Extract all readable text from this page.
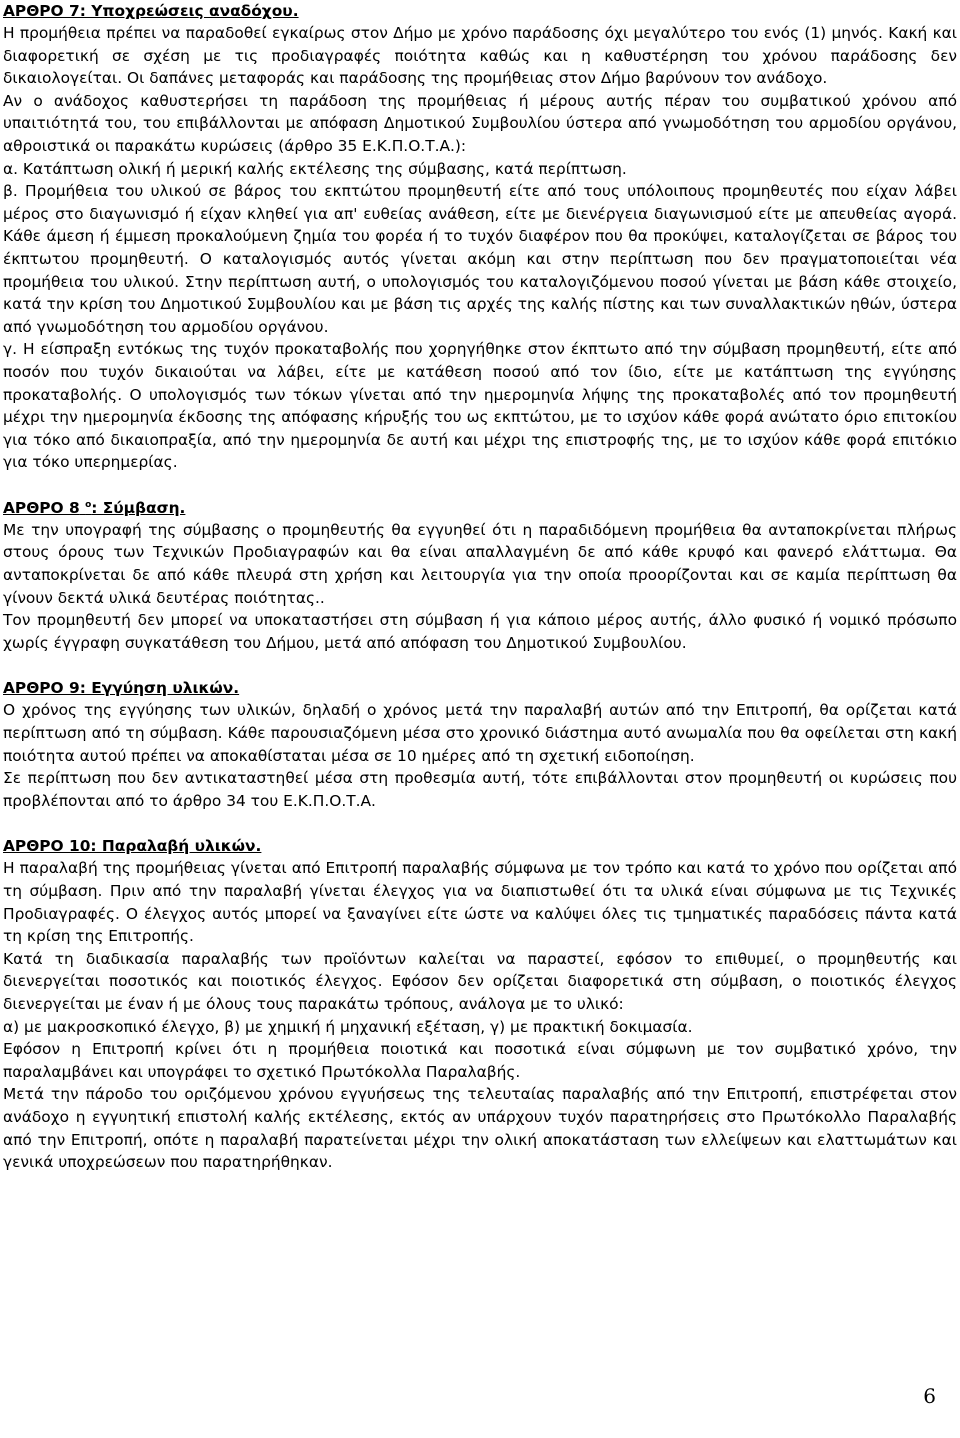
ΑΡΘΡΟ 7: Υποχρεώσεις αναδόχου.

Η προμήθεια πρέπει να παραδοθεί εγκαίρως στον Δήμο με χρόνο παράδοσης όχι μεγαλύτερο του ενός (1) μηνός. Κακή και διαφορετική σε σχέση με τις προδιαγραφές ποιότητα καθώς και η καθυστέρηση του χρόνου παράδοσης δεν δικαιολογείται. Οι δαπάνες μεταφοράς και παράδοσης της προμήθειας στον Δήμο βαρύνουν τον ανάδοχο.

Αν ο ανάδοχος καθυστερήσει τη παράδοση της προμήθειας ή μέρους αυτής πέραν του συμβατικού χρόνου από υπαιτιότητά του, του επιβάλλονται με απόφαση Δημοτικού Συμβουλίου ύστερα από γνωμοδότηση του αρμοδίου οργάνου, αθροιστικά οι παρακάτω κυρώσεις (άρθρο 35 Ε.Κ.Π.Ο.Τ.Α.):

α. Κατάπτωση ολική ή μερική καλής εκτέλεσης της σύμβασης, κατά περίπτωση.

β. Προμήθεια του υλικού σε βάρος του εκπτώτου προμηθευτή είτε από τους υπόλοιπους προμηθευτές που είχαν λάβει μέρος στο διαγωνισμό ή είχαν κληθεί για απ' ευθείας ανάθεση, είτε με διενέργεια διαγωνισμού είτε με απευθείας αγορά. Κάθε άμεση ή έμμεση προκαλούμενη ζημία του φορέα ή το τυχόν διαφέρον που θα προκύψει, καταλογίζεται σε βάρος του έκπτωτου προμηθευτή. Ο καταλογισμός αυτός γίνεται ακόμη και στην περίπτωση που δεν πραγματοποιείται νέα προμήθεια του υλικού. Στην περίπτωση αυτή, ο υπολογισμός του καταλογιζόμενου ποσού γίνεται με βάση κάθε στοιχείο, κατά την κρίση του Δημοτικού Συμβουλίου και με βάση τις αρχές της καλής πίστης και των συναλλακτικών ηθών, ύστερα από γνωμοδότηση του αρμοδίου οργάνου.

γ. Η είσπραξη εντόκως της τυχόν προκαταβολής που χορηγήθηκε στον έκπτωτο από την σύμβαση προμηθευτή, είτε από ποσόν που τυχόν δικαιούται να λάβει, είτε με κατάθεση ποσού από τον ίδιο, είτε με κατάπτωση της εγγύησης προκαταβολής. Ο υπολογισμός των τόκων γίνεται από την ημερομηνία λήψης της προκαταβολές από τον προμηθευτή μέχρι την ημερομηνία έκδοσης της απόφασης κήρυξής του ως εκπτώτου, με το ισχύον κάθε φορά ανώτατο όριο επιτοκίου για τόκο από δικαιοπραξία, από την ημερομηνία δε αυτή και μέχρι της επιστροφής της, με το ισχύον κάθε φορά επιτόκιο για τόκο υπερημερίας.

ΑΡΘΡΟ 8 $^o$: Σύμβαση.

Με την υπογραφή της σύμβασης ο προμηθευτής θα εγγυηθεί ότι η παραδιδόμενη προμήθεια θα ανταποκρίνεται πλήρως στους όρους των Τεχνικών Προδιαγραφών και θα είναι απαλλαγμένη δε από κάθε κρυφό και φανερό ελάττωμα. Θα ανταποκρίνεται δε από κάθε πλευρά στη χρήση και λειτουργία για την οποία προορίζονται και σε καμία περίπτωση θα γίνουν δεκτά υλικά δευτέρας ποιότητας..

Τον προμηθευτή δεν μπορεί να υποκαταστήσει στη σύμβαση ή για κάποιο μέρος αυτής, άλλο φυσικό ή νομικό πρόσωπο χωρίς έγγραφη συγκατάθεση του Δήμου, μετά από απόφαση του Δημοτικού Συμβουλίου.

ΑΡΘΡΟ 9: Εγγύηση υλικών.

Ο χρόνος της εγγύησης των υλικών, δηλαδή ο χρόνος μετά την παραλαβή αυτών από την Επιτροπή, θα ορίζεται κατά περίπτωση από τη σύμβαση. Κάθε παρουσιαζόμενη μέσα στο χρονικό διάστημα αυτό ανωμαλία που θα οφείλεται στη κακή ποιότητα αυτού πρέπει να αποκαθίσταται μέσα σε 10 ημέρες από τη σχετική ειδοποίηση.

Σε περίπτωση που δεν αντικαταστηθεί μέσα στη προθεσμία αυτή, τότε επιβάλλονται στον προμηθευτή οι κυρώσεις που προβλέπονται από το άρθρο 34 του Ε.Κ.Π.Ο.Τ.Α.

ΑΡΘΡΟ 10: Παραλαβή υλικών.

Η παραλαβή της προμήθειας γίνεται από Επιτροπή παραλαβής σύμφωνα με τον τρόπο και κατά το χρόνο που ορίζεται από τη σύμβαση. Πριν από την παραλαβή γίνεται έλεγχος για να διαπιστωθεί ότι τα υλικά είναι σύμφωνα με τις Τεχνικές Προδιαγραφές. Ο έλεγχος αυτός μπορεί να ξαναγίνει είτε ώστε να καλύψει όλες τις τμηματικές παραδόσεις πάντα κατά τη κρίση της Επιτροπής.

Κατά τη διαδικασία παραλαβής των προϊόντων καλείται να παραστεί, εφόσον το επιθυμεί, ο προμηθευτής και διενεργείται ποσοτικός και ποιοτικός έλεγχος. Εφόσον δεν ορίζεται διαφορετικά στη σύμβαση, ο ποιοτικός έλεγχος διενεργείται με έναν ή με όλους τους παρακάτω τρόπους, ανάλογα με το υλικό:

α) με μακροσκοπικό έλεγχο, β) με χημική ή μηχανική εξέταση, γ) με πρακτική δοκιμασία.

Εφόσον η Επιτροπή κρίνει ότι η προμήθεια ποιοτικά και ποσοτικά είναι σύμφωνη με τον συμβατικό χρόνο, την παραλαμβάνει και υπογράφει το σχετικό Πρωτόκολλα Παραλαβής.

Μετά την πάροδο του οριζόμενου χρόνου εγγυήσεως της τελευταίας παραλαβής από την Επιτροπή, επιστρέφεται στον ανάδοχο η εγγυητική επιστολή καλής εκτέλεσης, εκτός αν υπάρχουν τυχόν παρατηρήσεις στο Πρωτόκολλο Παραλαβής από την Επιτροπή, οπότε η παραλαβή παρατείνεται μέχρι την ολική αποκατάσταση των ελλείψεων και ελαττωμάτων και γενικά υποχρεώσεων που παρατηρήθηκαν.

6
